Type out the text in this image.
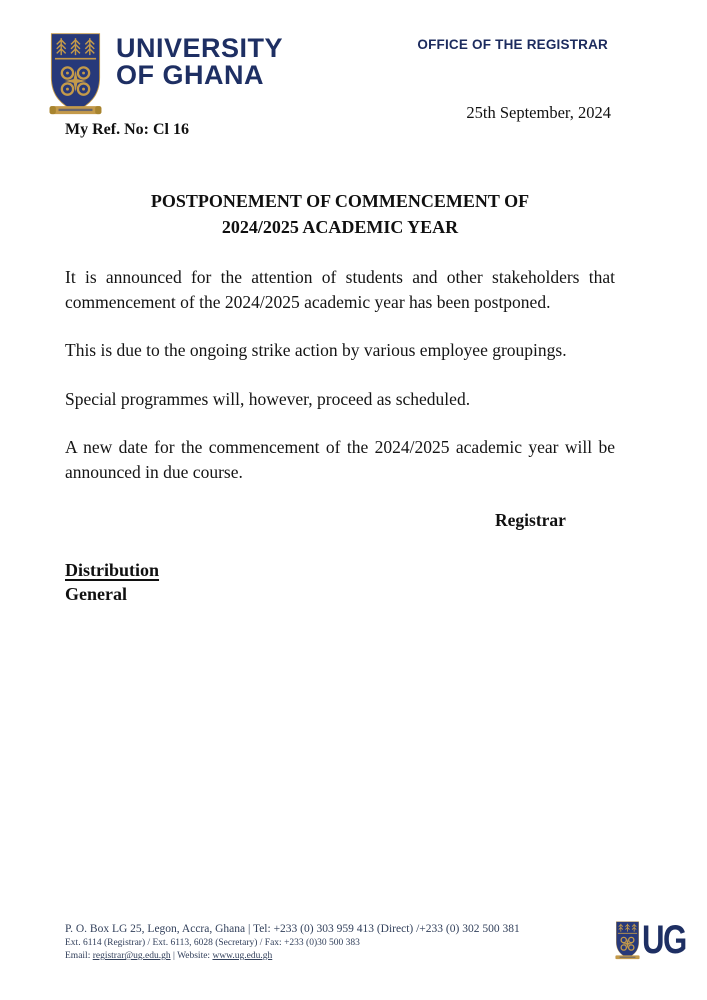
UNIVERSITY
OF GHANA
OFFICE OF THE REGISTRAR
25th September, 2024
My Ref. No: Cl 16
POSTPONEMENT OF COMMENCEMENT OF
2024/2025 ACADEMIC YEAR

It is announced for the attention of students and other stakeholders that commencement of the 2024/2025 academic year has been postponed.

This is due to the ongoing strike action by various employee groupings.

Special programmes will, however, proceed as scheduled.

A new date for the commencement of the 2024/2025 academic year will be announced in due course.

Registrar
Distribution
General
P. O. Box LG 25, Legon, Accra, Ghana | Tel: +233 (0) 303 959 413 (Direct) /+233 (0) 302 500 381
Ext. 6114 (Registrar) / Ext. 6113, 6028 (Secretary) / Fax: +233 (0)30 500 383
Email: registrar@ug.edu.gh | Website: www.ug.edu.gh	UG
